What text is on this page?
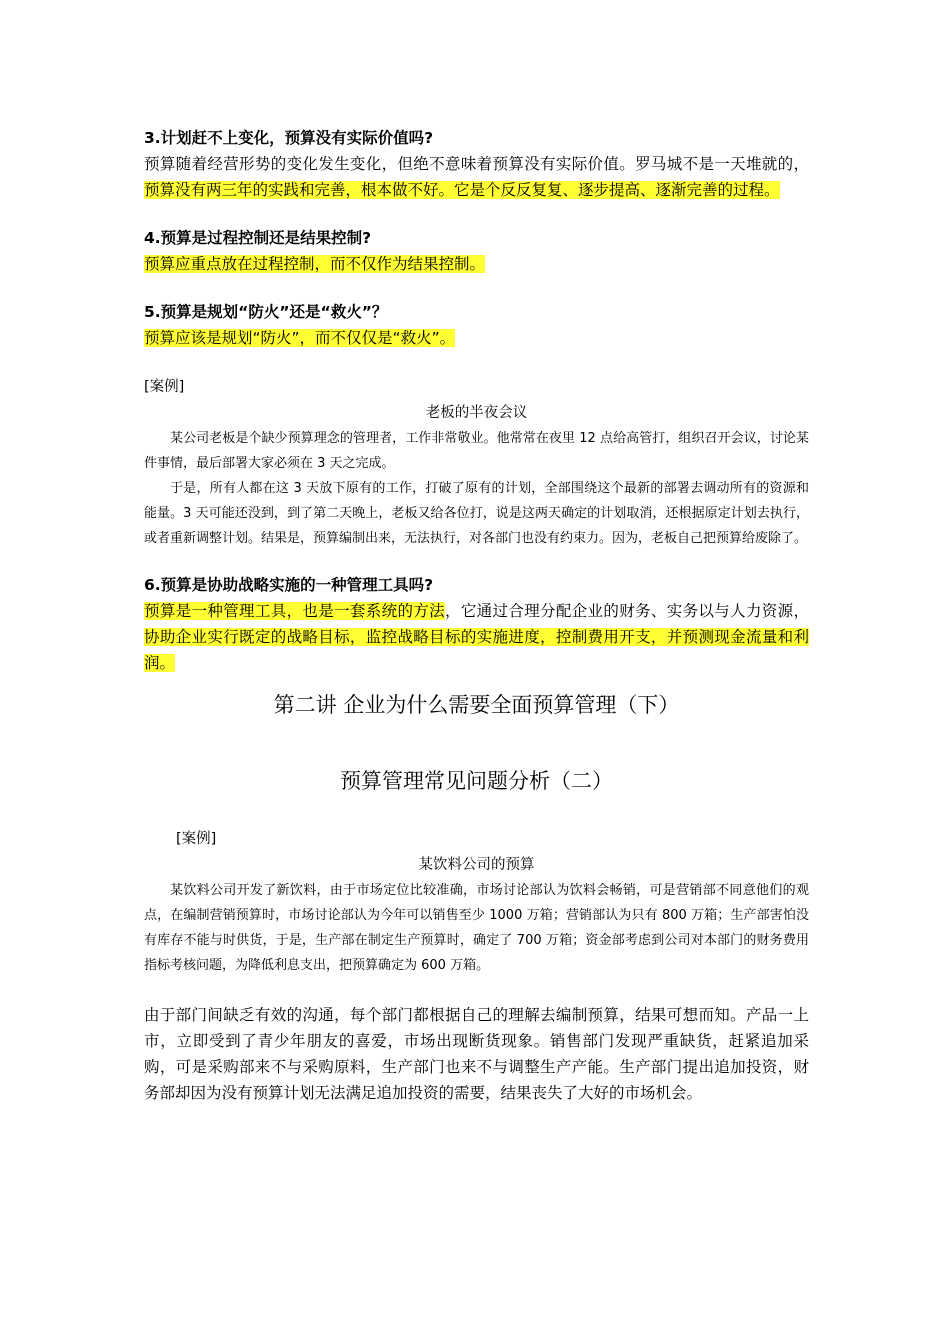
3.计划赶不上变化，预算没有实际价值吗?

预算随着经营形势的变化发生变化，但绝不意味着预算没有实际价值。罗马城不是一天堆就的，预算没有两三年的实践和完善，根本做不好。它是个反反复复、逐步提高、逐渐完善的过程。

4.预算是过程控制还是结果控制?

预算应重点放在过程控制，而不仅作为结果控制。

5.预算是规划“防火”还是“救火”？

预算应该是规划“防火”，而不仅仅是“救火”。

[案例]

老板的半夜会议

某公司老板是个缺少预算理念的管理者，工作非常敬业。他常常在夜里 12 点给高管打，组织召开会议，讨论某件事情，最后部署大家必须在 3 天之完成。

于是，所有人都在这 3 天放下原有的工作，打破了原有的计划，全部围绕这个最新的部署去调动所有的资源和能量。3 天可能还没到，到了第二天晚上，老板又给各位打，说是这两天确定的计划取消，还根据原定计划去执行，或者重新调整计划。结果是，预算编制出来，无法执行，对各部门也没有约束力。因为，老板自己把预算给废除了。

6.预算是协助战略实施的一种管理工具吗?

预算是一种管理工具，也是一套系统的方法，它通过合理分配企业的财务、实务以与人力资源，协助企业实行既定的战略目标，监控战略目标的实施进度，控制费用开支，并预测现金流量和利润。

第二讲 企业为什么需要全面预算管理（下）

预算管理常见问题分析（二）

[案例]

某饮料公司的预算

某饮料公司开发了新饮料，由于市场定位比较准确，市场讨论部认为饮料会畅销，可是营销部不同意他们的观点，在编制营销预算时，市场讨论部认为今年可以销售至少 1000 万箱；营销部认为只有 800 万箱；生产部害怕没有库存不能与时供货，于是，生产部在制定生产预算时，确定了 700 万箱；资金部考虑到公司对本部门的财务费用指标考核问题，为降低利息支出，把预算确定为 600 万箱。

由于部门间缺乏有效的沟通，每个部门都根据自己的理解去编制预算，结果可想而知。产品一上市，立即受到了青少年朋友的喜爱，市场出现断货现象。销售部门发现严重缺货，赶紧追加采购，可是采购部来不与采购原料，生产部门也来不与调整生产产能。生产部门提出追加投资，财务部却因为没有预算计划无法满足追加投资的需要，结果丧失了大好的市场机会。
